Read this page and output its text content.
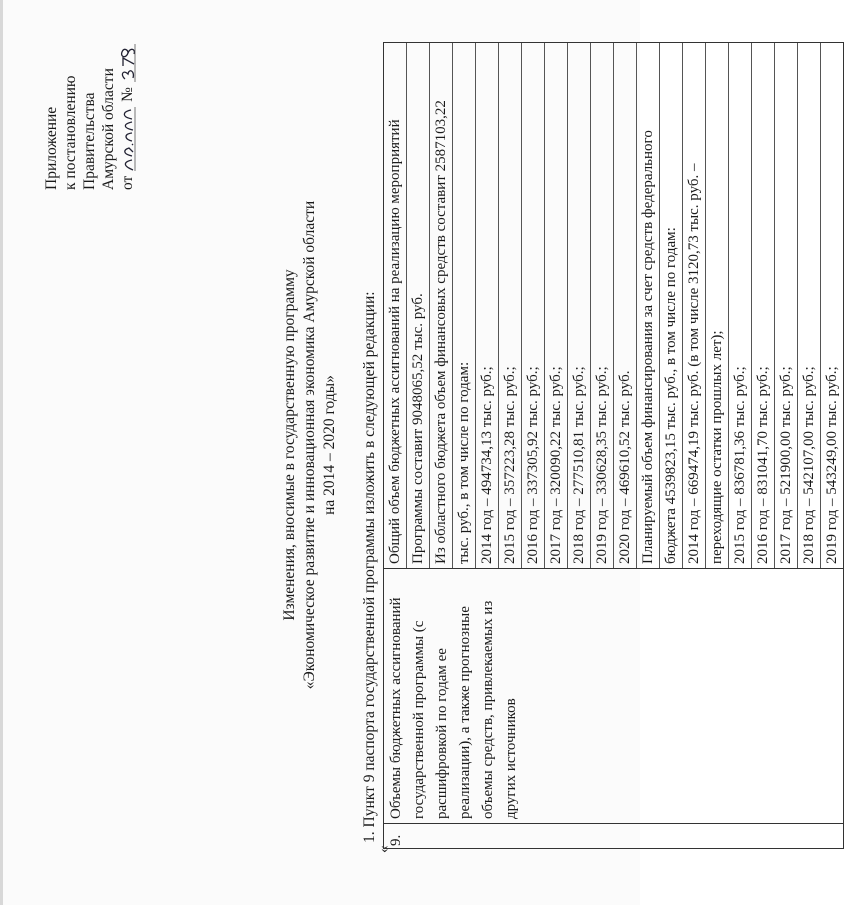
Приложение к постановлению Правительства Амурской области от  №
Изменения, вносимые в государственную программу «Экономическое развитие и инновационная экономика Амурской области на 2014 – 2020 годы» 1. Пункт 9 паспорта государственной программы изложить в следующей редакции:
«
9.	
Объемы бюджетных ассигнований государственной программы (с расшифровкой по годам ее реализации), а также прогнозные объемы средств, привлекаемых из других источников

Общий объем бюджетных ассигнований на реализацию мероприятий Программы составит 9048065,52 тыс. руб. Из областного бюджета объем финансовых средств составит 2587103,22 тыс. руб., в том числе по годам: 2014 год – 494734,13 тыс. руб.; 2015 год – 357223,28 тыс. руб.; 2016 год – 337305,92 тыс. руб.; 2017 год – 320090,22 тыс. руб.; 2018 год – 277510,81 тыс. руб.; 2019 год – 330628,35 тыс. руб.; 2020 год – 469610,52 тыс. руб. Планируемый объем финансирования за счет средств федерального бюджета 4539823,15 тыс. руб., в том числе по годам: 2014 год – 669474,19 тыс. руб. (в том числе 3120,73 тыс. руб. – переходящие остатки прошлых лет); 2015 год – 836781,36 тыс. руб.; 2016 год – 831041,70 тыс. руб.; 2017 год – 521900,00 тыс. руб.; 2018 год – 542107,00 тыс. руб.; 2019 год – 543249,00 тыс. руб.;
